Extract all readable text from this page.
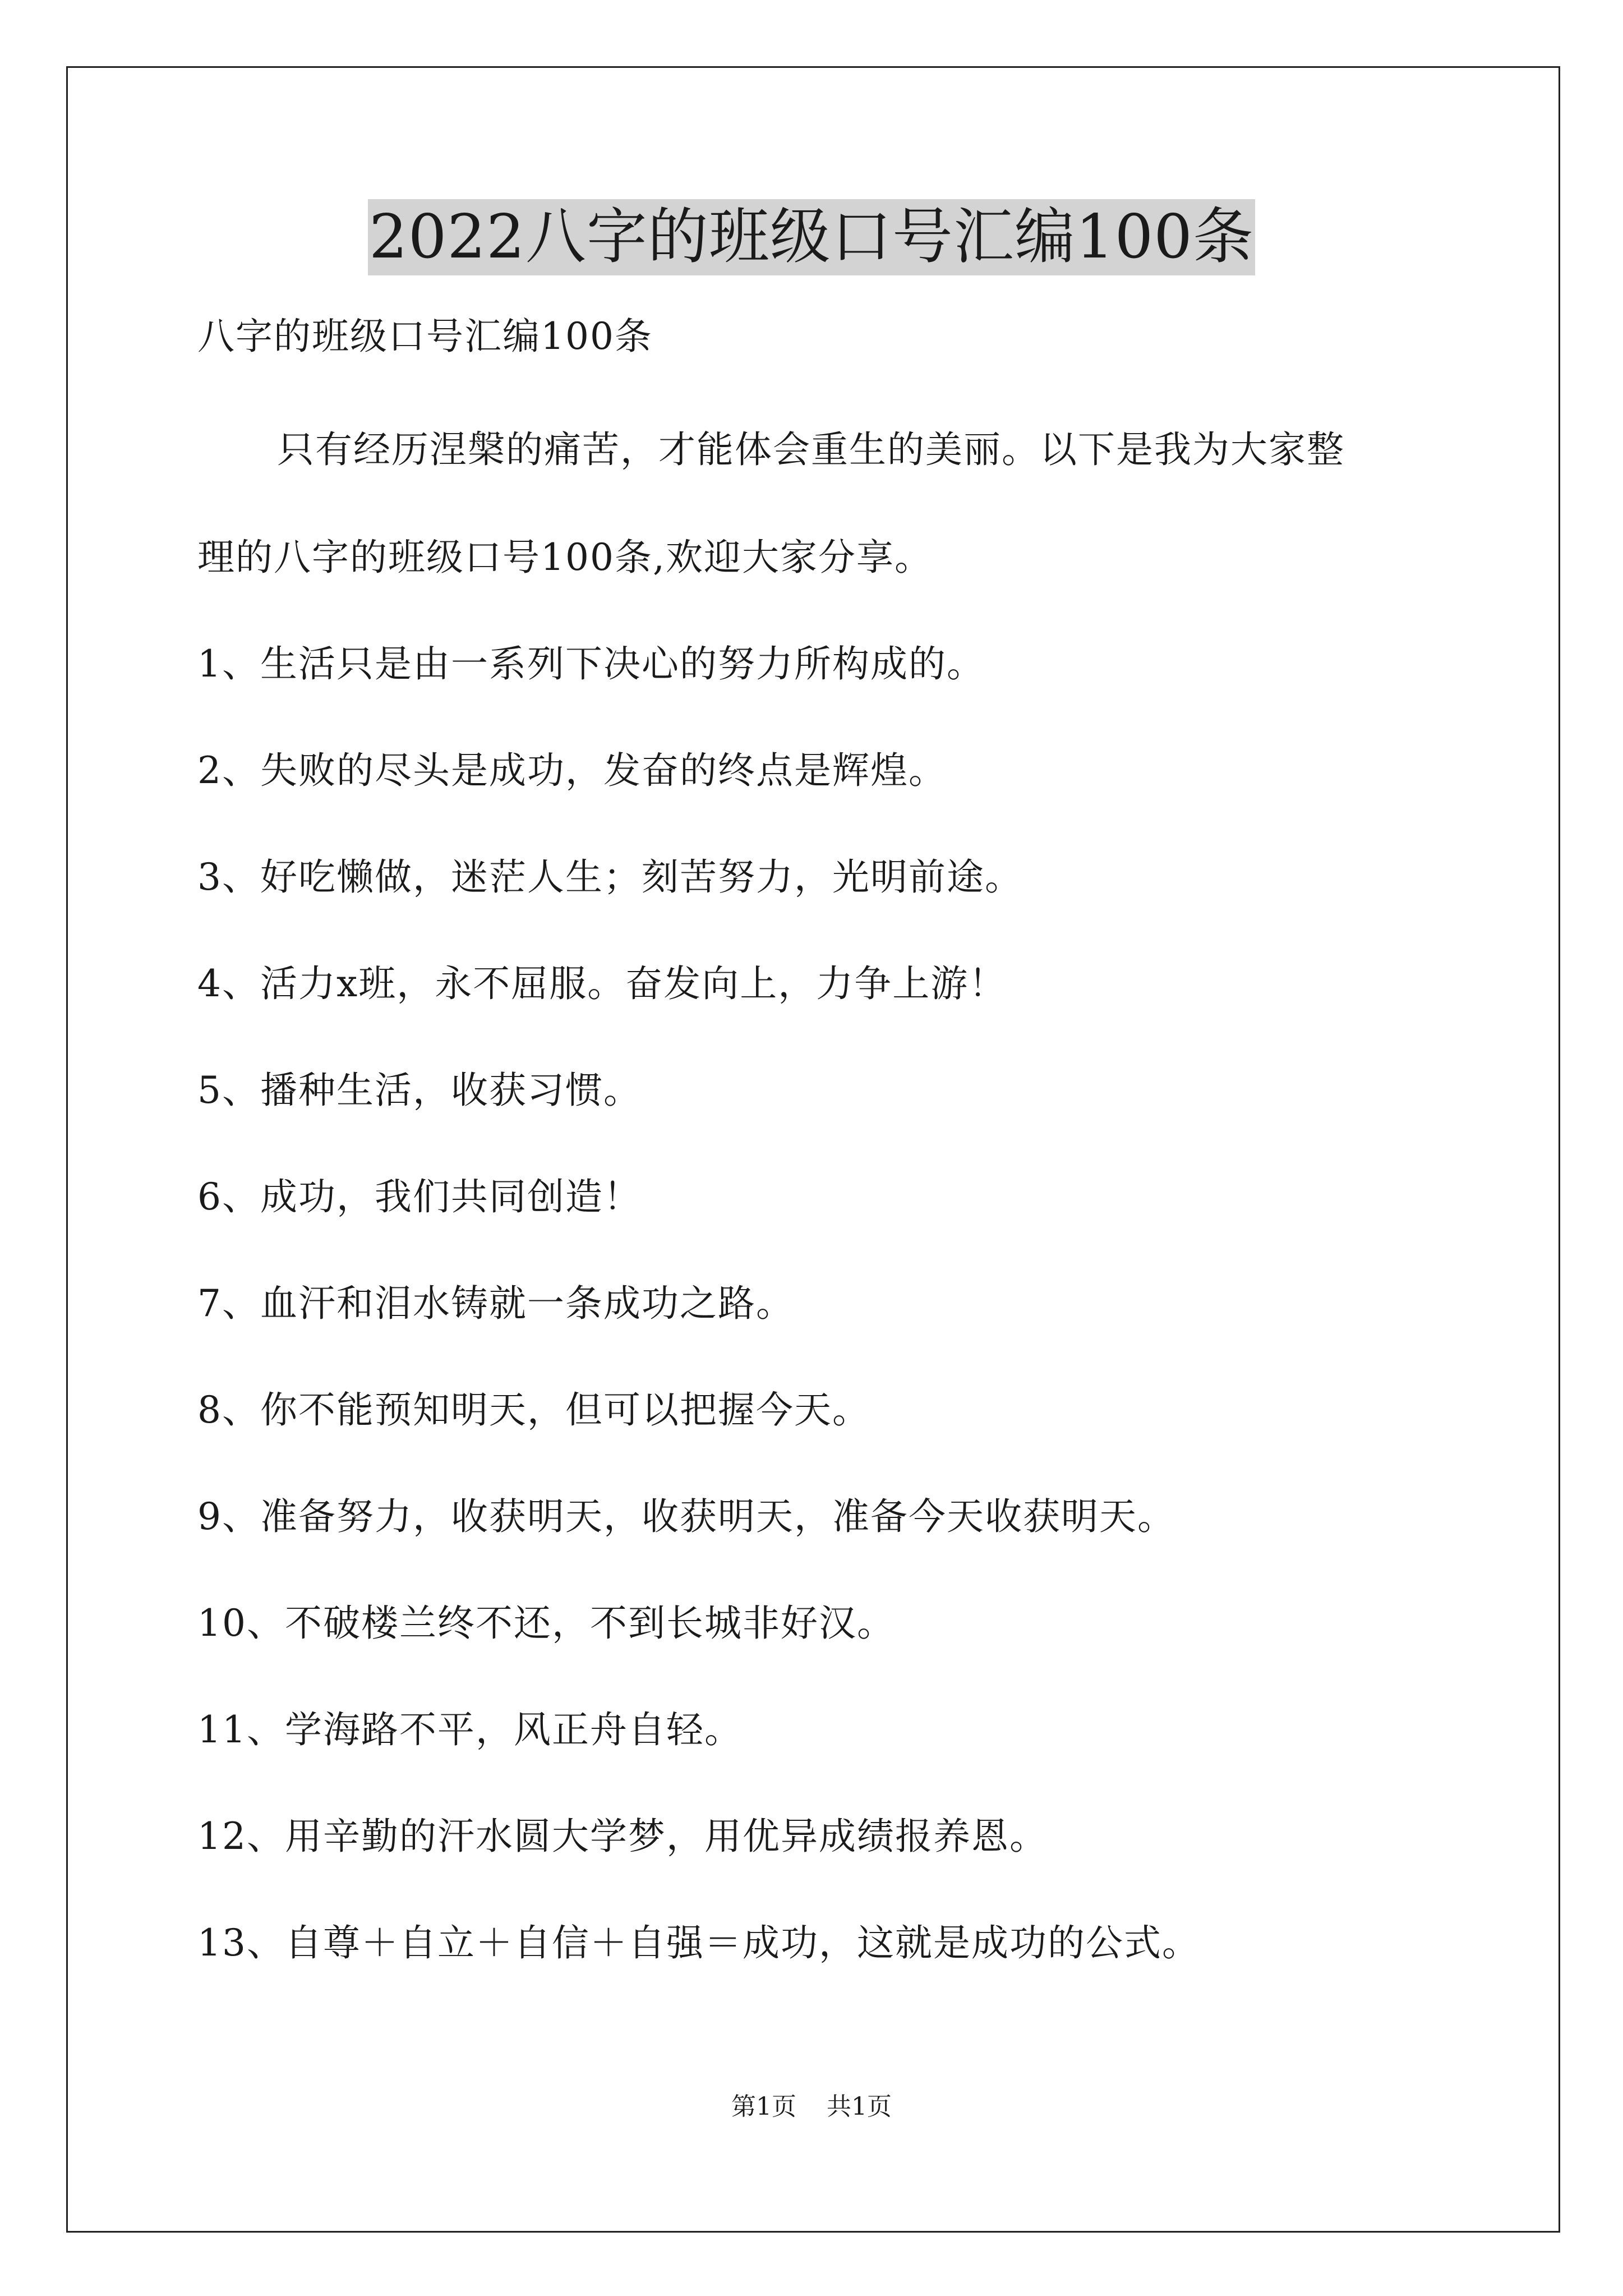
2022八字的班级口号汇编100条
八字的班级口号汇编100条
只有经历涅槃的痛苦，才能体会重生的美丽。以下是我为大家整
理的八字的班级口号100条,欢迎大家分享。
1、生活只是由一系列下决心的努力所构成的。
2、失败的尽头是成功，发奋的终点是辉煌。
3、好吃懒做，迷茫人生；刻苦努力，光明前途。
4、活力x班，永不屈服。奋发向上，力争上游！
5、播种生活，收获习惯。
6、成功，我们共同创造！
7、血汗和泪水铸就一条成功之路。
8、你不能预知明天，但可以把握今天。
9、准备努力，收获明天，收获明天，准备今天收获明天。
10、不破楼兰终不还，不到长城非好汉。
11、学海路不平，风正舟自轻。
12、用辛勤的汗水圆大学梦，用优异成绩报养恩。
13、自尊＋自立＋自信＋自强＝成功，这就是成功的公式。
第1页 共1页
